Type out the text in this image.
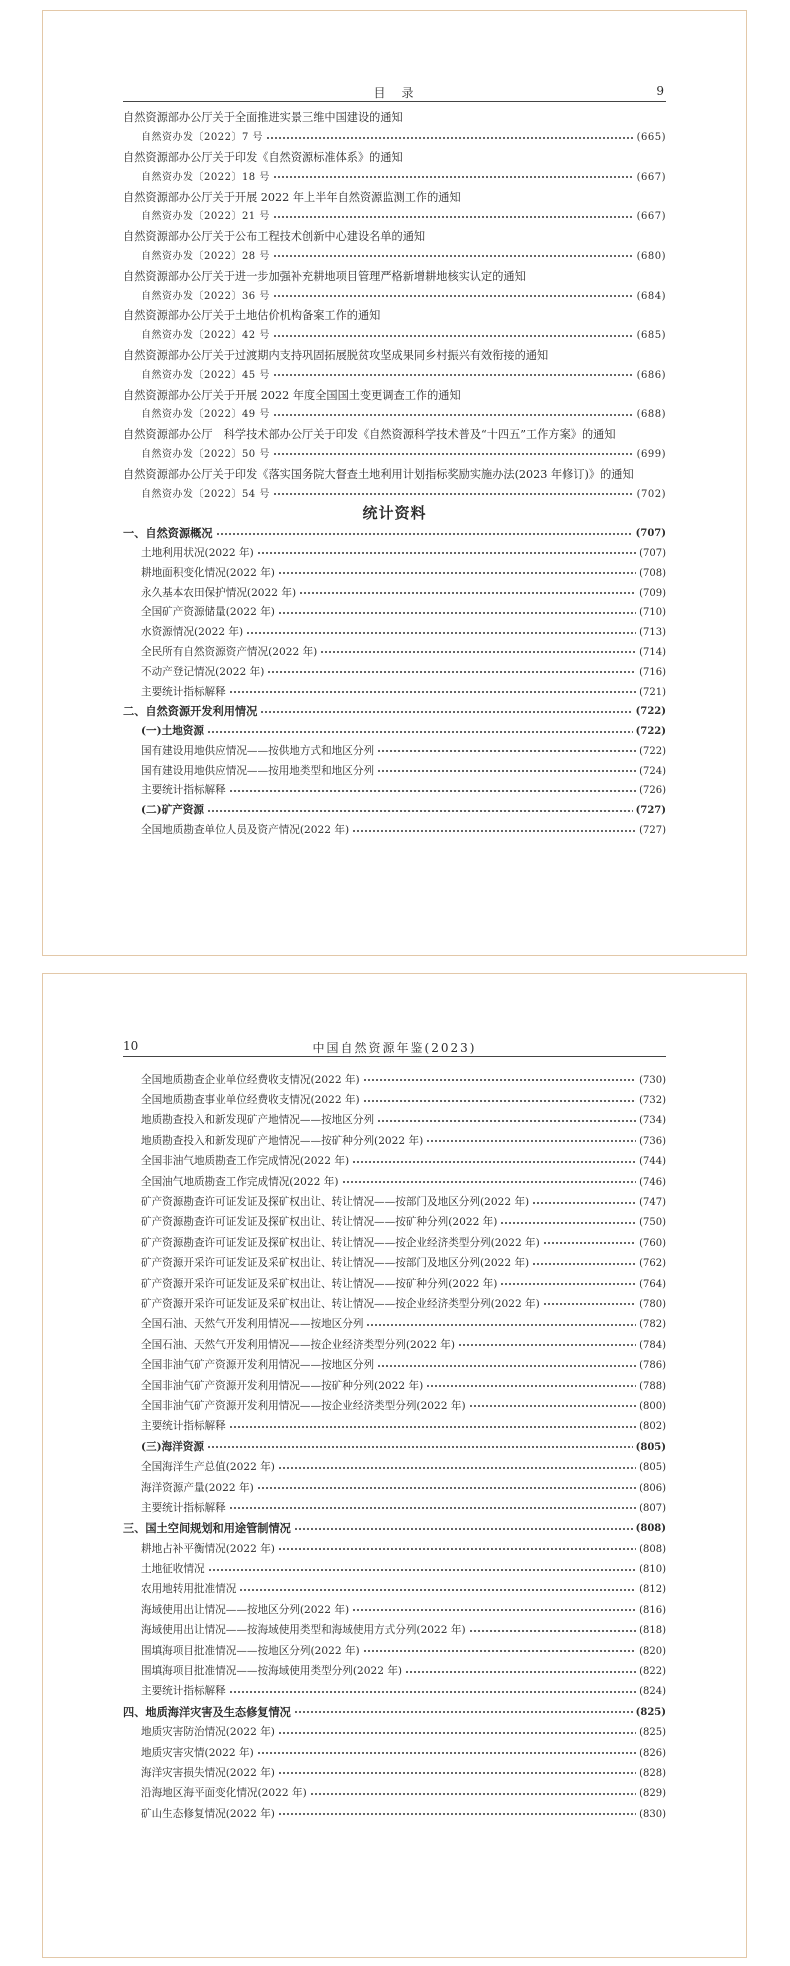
目　录	9
自然资源部办公厅关于全面推进实景三维中国建设的通知
自然资办发〔2022〕7 号	(665)
自然资源部办公厅关于印发《自然资源标准体系》的通知
自然资办发〔2022〕18 号	(667)
自然资源部办公厅关于开展 2022 年上半年自然资源监测工作的通知
自然资办发〔2022〕21 号	(667)
自然资源部办公厅关于公布工程技术创新中心建设名单的通知
自然资办发〔2022〕28 号	(680)
自然资源部办公厅关于进一步加强补充耕地项目管理严格新增耕地核实认定的通知
自然资办发〔2022〕36 号	(684)
自然资源部办公厅关于土地估价机构备案工作的通知
自然资办发〔2022〕42 号	(685)
自然资源部办公厅关于过渡期内支持巩固拓展脱贫攻坚成果同乡村振兴有效衔接的通知
自然资办发〔2022〕45 号	(686)
自然资源部办公厅关于开展 2022 年度全国国土变更调查工作的通知
自然资办发〔2022〕49 号	(688)
自然资源部办公厅　科学技术部办公厅关于印发《自然资源科学技术普及“十四五”工作方案》的通知
自然资办发〔2022〕50 号	(699)
自然资源部办公厅关于印发《落实国务院大督查土地利用计划指标奖励实施办法(2023 年修订)》的通知
自然资办发〔2022〕54 号	(702)
统计资料
一、自然资源概况	(707)
土地利用状况(2022 年)	(707)
耕地面积变化情况(2022 年)	(708)
永久基本农田保护情况(2022 年)	(709)
全国矿产资源储量(2022 年)	(710)
水资源情况(2022 年)	(713)
全民所有自然资源资产情况(2022 年)	(714)
不动产登记情况(2022 年)	(716)
主要统计指标解释	(721)
二、自然资源开发利用情况	(722)
(一)土地资源	(722)
国有建设用地供应情况——按供地方式和地区分列	(722)
国有建设用地供应情况——按用地类型和地区分列	(724)
主要统计指标解释	(726)
(二)矿产资源	(727)
全国地质勘查单位人员及资产情况(2022 年)	(727)
10	中国自然资源年鉴(2023)
全国地质勘查企业单位经费收支情况(2022 年)	(730)
全国地质勘查事业单位经费收支情况(2022 年)	(732)
地质勘查投入和新发现矿产地情况——按地区分列	(734)
地质勘查投入和新发现矿产地情况——按矿种分列(2022 年)	(736)
全国非油气地质勘查工作完成情况(2022 年)	(744)
全国油气地质勘查工作完成情况(2022 年)	(746)
矿产资源勘查许可证发证及探矿权出让、转让情况——按部门及地区分列(2022 年)	(747)
矿产资源勘查许可证发证及探矿权出让、转让情况——按矿种分列(2022 年)	(750)
矿产资源勘查许可证发证及探矿权出让、转让情况——按企业经济类型分列(2022 年)	(760)
矿产资源开采许可证发证及采矿权出让、转让情况——按部门及地区分列(2022 年)	(762)
矿产资源开采许可证发证及采矿权出让、转让情况——按矿种分列(2022 年)	(764)
矿产资源开采许可证发证及采矿权出让、转让情况——按企业经济类型分列(2022 年)	(780)
全国石油、天然气开发利用情况——按地区分列	(782)
全国石油、天然气开发利用情况——按企业经济类型分列(2022 年)	(784)
全国非油气矿产资源开发利用情况——按地区分列	(786)
全国非油气矿产资源开发利用情况——按矿种分列(2022 年)	(788)
全国非油气矿产资源开发利用情况——按企业经济类型分列(2022 年)	(800)
主要统计指标解释	(802)
(三)海洋资源	(805)
全国海洋生产总值(2022 年)	(805)
海洋资源产量(2022 年)	(806)
主要统计指标解释	(807)
三、国土空间规划和用途管制情况	(808)
耕地占补平衡情况(2022 年)	(808)
土地征收情况	(810)
农用地转用批准情况	(812)
海域使用出让情况——按地区分列(2022 年)	(816)
海域使用出让情况——按海域使用类型和海域使用方式分列(2022 年)	(818)
围填海项目批准情况——按地区分列(2022 年)	(820)
围填海项目批准情况——按海域使用类型分列(2022 年)	(822)
主要统计指标解释	(824)
四、地质海洋灾害及生态修复情况	(825)
地质灾害防治情况(2022 年)	(825)
地质灾害灾情(2022 年)	(826)
海洋灾害损失情况(2022 年)	(828)
沿海地区海平面变化情况(2022 年)	(829)
矿山生态修复情况(2022 年)	(830)
